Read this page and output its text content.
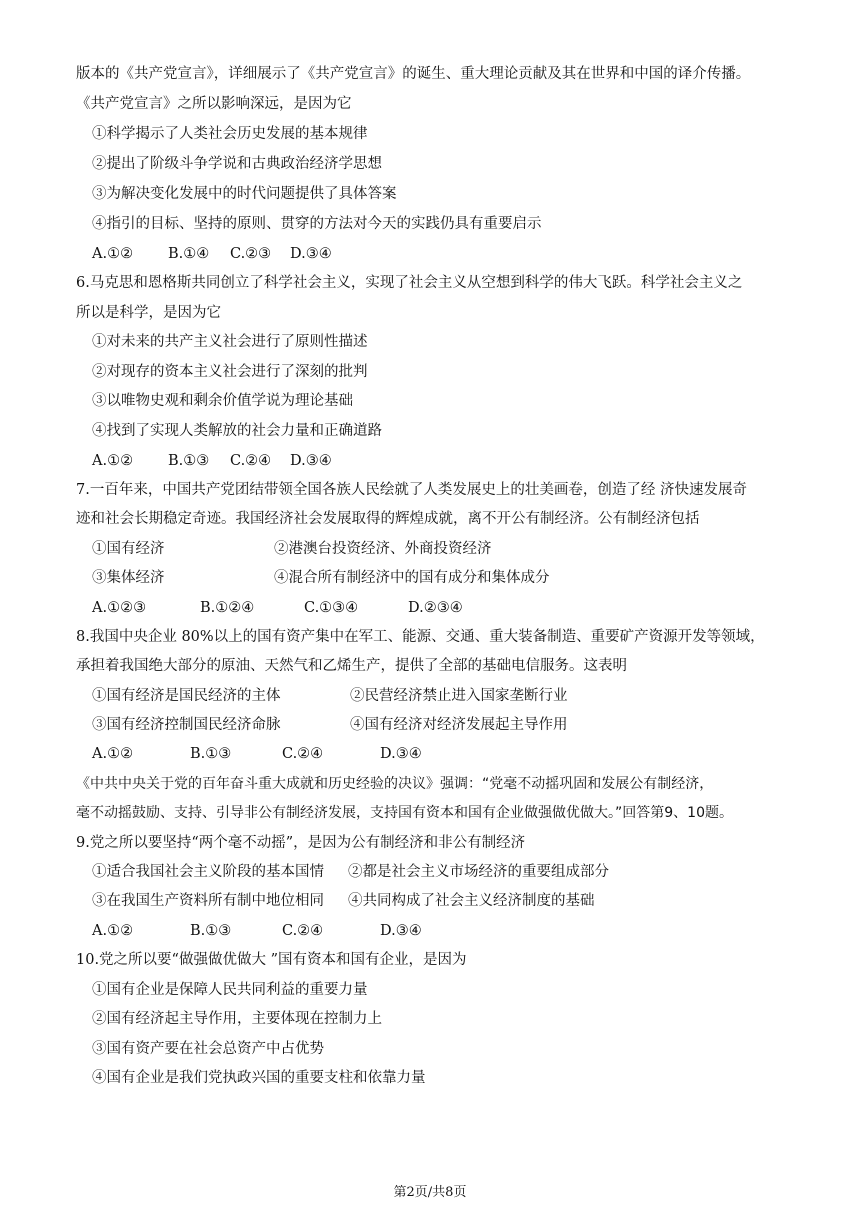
版本的《共产党宣言》，详细展示了《共产党宣言》的诞生、重大理论贡献及其在世界和中国的译介传播。
《共产党宣言》之所以影响深远，是因为它
①科学揭示了人类社会历史发展的基本规律
②提出了阶级斗争学说和古典政治经济学思想
③为解决变化发展中的时代问题提供了具体答案
④指引的目标、坚持的原则、贯穿的方法对今天的实践仍具有重要启示
A.①② B.①④ C.②③ D.③④
6.马克思和恩格斯共同创立了科学社会主义，实现了社会主义从空想到科学的伟大飞跃。科学社会主义之
所以是科学，是因为它
①对未来的共产主义社会进行了原则性描述
②对现存的资本主义社会进行了深刻的批判
③以唯物史观和剩余价值学说为理论基础
④找到了实现人类解放的社会力量和正确道路
A.①② B.①③ C.②④ D.③④
7.一百年来，中国共产党团结带领全国各族人民绘就了人类发展史上的壮美画卷，创造了经 济快速发展奇
迹和社会长期稳定奇迹。我国经济社会发展取得的辉煌成就，离不开公有制经济。公有制经济包括
①国有经济	②港澳台投资经济、外商投资经济
③集体经济	④混合所有制经济中的国有成分和集体成分
A.①②③	B.①②④	C.①③④	D.②③④
8.我国中央企业 80%以上的国有资产集中在军工、能源、交通、重大装备制造、重要矿产资源开发等领域，
承担着我国绝大部分的原油、天然气和乙烯生产，提供了全部的基础电信服务。这表明
①国有经济是国民经济的主体	②民营经济禁止进入国家垄断行业
③国有经济控制国民经济命脉	④国有经济对经济发展起主导作用
A.①②	B.①③	C.②④	D.③④
《中共中央关于党的百年奋斗重大成就和历史经验的决议》强调：“党毫不动摇巩固和发展公有制经济，
毫不动摇鼓励、支持、引导非公有制经济发展，支持国有资本和国有企业做强做优做大。”回答第9、10题。
9.党之所以要坚持“两个毫不动摇”，是因为公有制经济和非公有制经济
①适合我国社会主义阶段的基本国情 ②都是社会主义市场经济的重要组成部分
③在我国生产资料所有制中地位相同 ④共同构成了社会主义经济制度的基础
A.①②	B.①③	C.②④	D.③④
10.党之所以要“做强做优做大 ”国有资本和国有企业，是因为
①国有企业是保障人民共同利益的重要力量
②国有经济起主导作用，主要体现在控制力上
③国有资产要在社会总资产中占优势
④国有企业是我们党执政兴国的重要支柱和依靠力量
第2页/共8页
